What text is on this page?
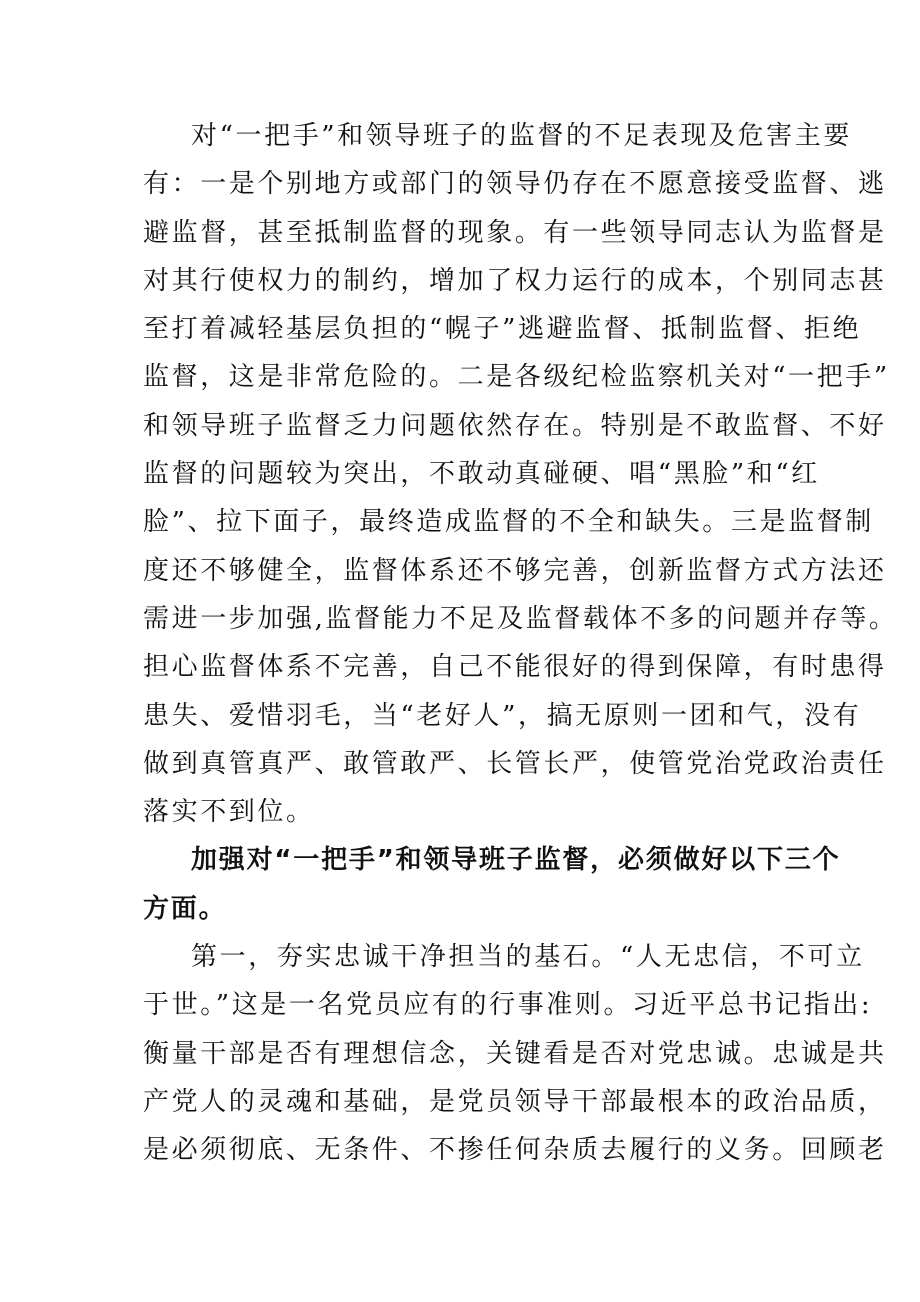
对“一把手”和领导班子的监督的不足表现及危害主要
有：一是个别地方或部门的领导仍存在不愿意接受监督、逃
避监督，甚至抵制监督的现象。有一些领导同志认为监督是
对其行使权力的制约，增加了权力运行的成本，个别同志甚
至打着减轻基层负担的“幌子”逃避监督、抵制监督、拒绝
监督，这是非常危险的。二是各级纪检监察机关对“一把手”
和领导班子监督乏力问题依然存在。特别是不敢监督、不好
监督的问题较为突出，不敢动真碰硬、唱“黑脸”和“红
脸”、拉下面子，最终造成监督的不全和缺失。三是监督制
度还不够健全，监督体系还不够完善，创新监督方式方法还
需进一步加强,监督能力不足及监督载体不多的问题并存等。
担心监督体系不完善，自己不能很好的得到保障，有时患得
患失、爱惜羽毛，当“老好人”，搞无原则一团和气，没有
做到真管真严、敢管敢严、长管长严，使管党治党政治责任
落实不到位。
加强对“一把手”和领导班子监督，必须做好以下三个
方面。
第一，夯实忠诚干净担当的基石。“人无忠信，不可立
于世。”这是一名党员应有的行事准则。习近平总书记指出:
衡量干部是否有理想信念，关键看是否对党忠诚。忠诚是共
产党人的灵魂和基础，是党员领导干部最根本的政治品质，
是必须彻底、无条件、不掺任何杂质去履行的义务。回顾老
